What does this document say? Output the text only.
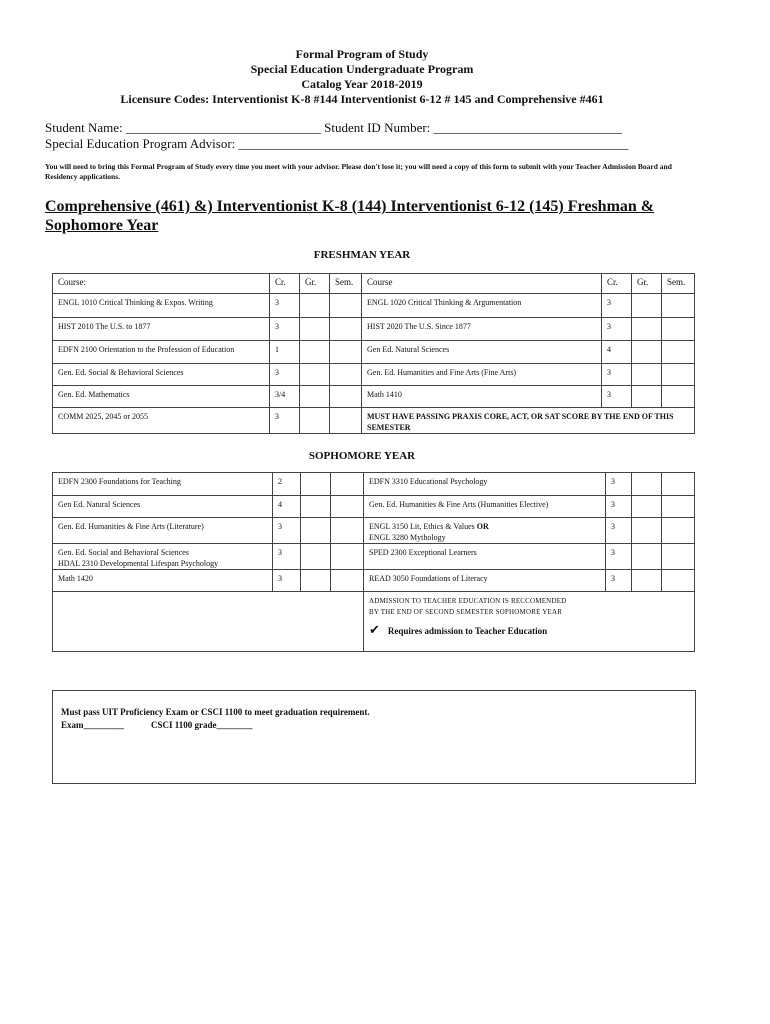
Formal Program of Study
Special Education Undergraduate Program
Catalog Year 2018-2019
Licensure Codes: Interventionist K-8 #144 Interventionist 6-12 # 145 and Comprehensive #461
Student Name: ______________________________ Student ID Number: _____________________________
Special Education Program Advisor: ____________________________________________________________
You will need to bring this Formal Program of Study every time you meet with your advisor. Please don't lose it; you will need a copy of this form to submit with your Teacher Admission Board and Residency applications.
Comprehensive (461) &) Interventionist K-8 (144) Interventionist 6-12 (145) Freshman & Sophomore Year
FRESHMAN YEAR
Course:	Cr.	Gr.	Sem.	Course	Cr.	Gr.	Sem.
ENGL 1010 Critical Thinking & Expos. Writing	3			ENGL 1020 Critical Thinking & Argumentation	3		
HIST 2010 The U.S. to 1877	3			HIST 2020 The U.S. Since 1877	3		
EDFN 2100 Orientation to the Profession of Education	1			Gen Ed. Natural Sciences	4		
Gen. Ed. Social & Behavioral Sciences	3			Gen. Ed. Humanities and Fine Arts (Fine Arts)	3		
Gen. Ed. Mathematics	3/4			Math 1410	3		
COMM 2025, 2045 or 2055	3			MUST HAVE PASSING PRAXIS CORE, ACT, OR SAT SCORE BY THE END OF THIS SEMESTER			
SOPHOMORE YEAR
EDFN 2300 Foundations for Teaching	2			EDFN 3310 Educational Psychology	3		
Gen Ed. Natural Sciences	4			Gen. Ed. Humanities & Fine Arts (Humanities Elective)	3		
Gen. Ed. Humanities & Fine Arts (Literature)	3			ENGL 3150 Lit, Ethics & Values OR
ENGL 3280 Mythology	3		
Gen. Ed. Social and Behavioral Sciences
HDAL 2310 Developmental Lifespan Psychology	3			SPED 2300 Exceptional Learners	3		
Math 1420	3			READ 3050 Foundations of Literacy	3		

				ADMISSION TO TEACHER EDUCATION IS RECCOMENDED
BY THE END OF SECOND SEMESTER SOPHOMORE YEAR
✔ Requires admission to Teacher Education			
Must pass UIT Proficiency Exam or CSCI 1100 to meet graduation requirement.
Exam_________            CSCI 1100 grade________
